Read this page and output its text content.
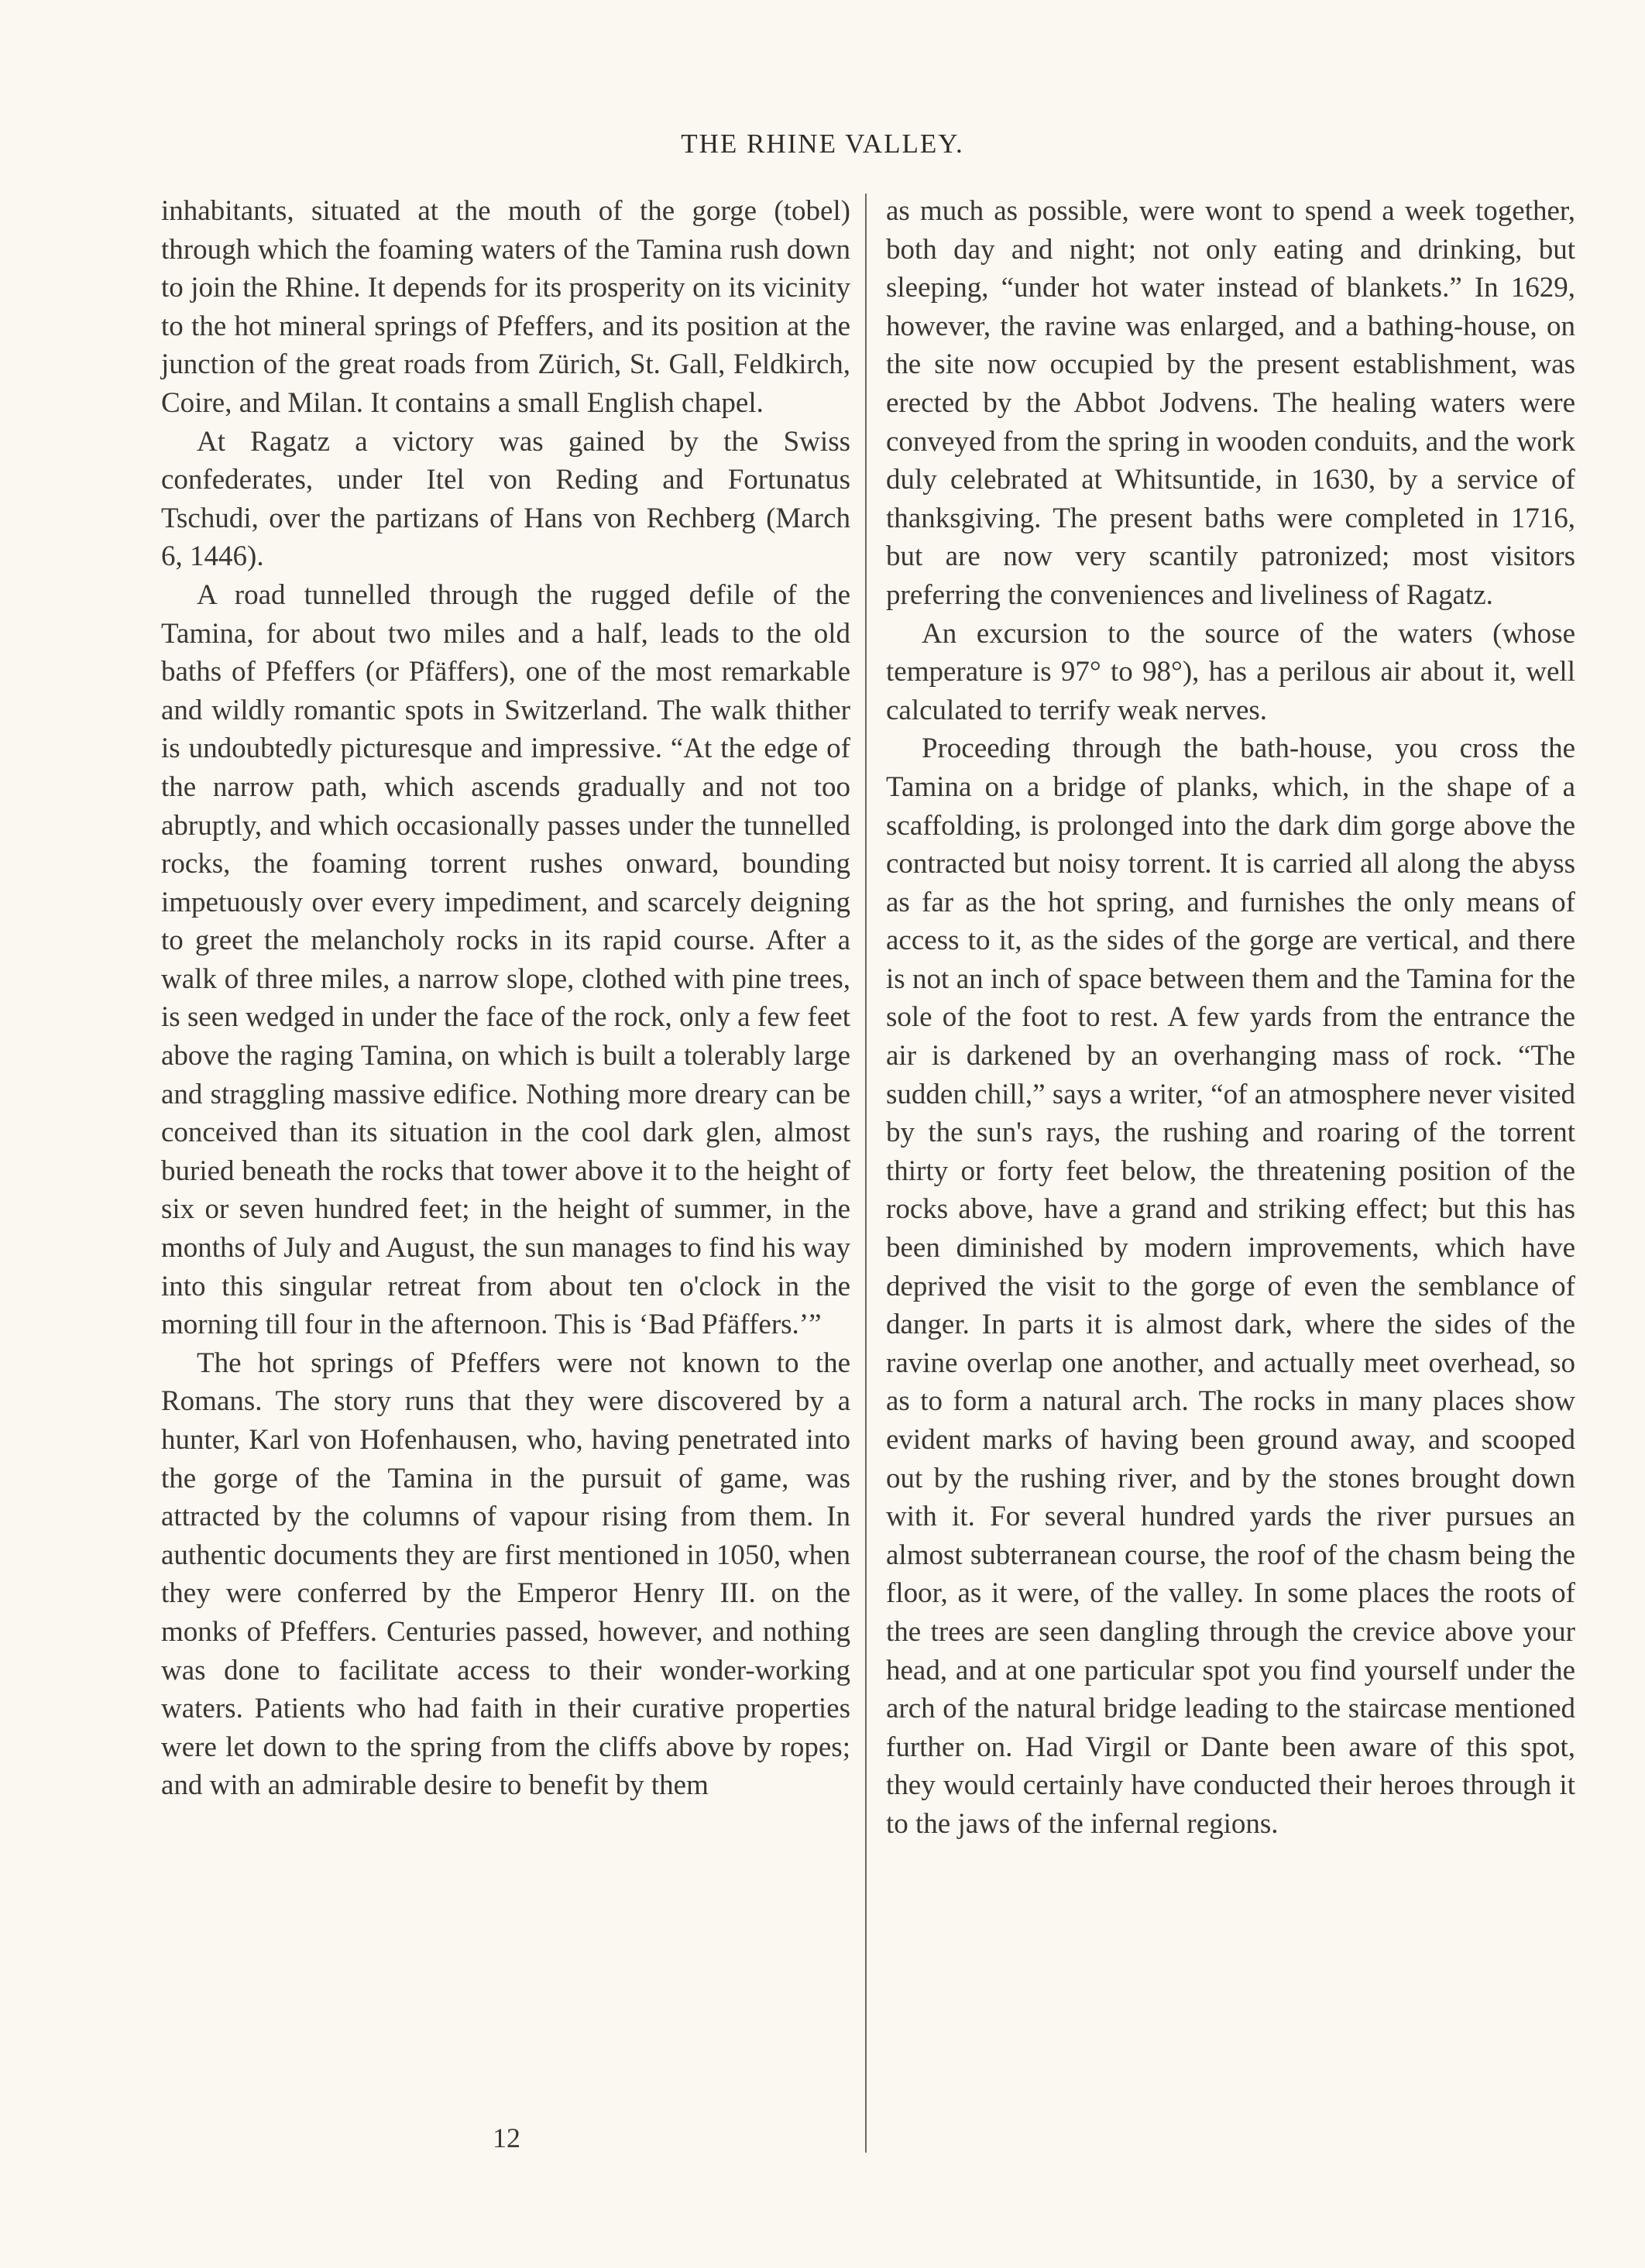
THE RHINE VALLEY.

inhabitants, situated at the mouth of the gorge (tobel) through which the foaming waters of the Tamina rush down to join the Rhine. It depends for its prosperity on its vicinity to the hot mineral springs of Pfeffers, and its position at the junction of the great roads from Zürich, St. Gall, Feldkirch, Coire, and Milan. It contains a small English chapel.

At Ragatz a victory was gained by the Swiss confederates, under Itel von Reding and Fortunatus Tschudi, over the partizans of Hans von Rechberg (March 6, 1446).

A road tunnelled through the rugged defile of the Tamina, for about two miles and a half, leads to the old baths of Pfeffers (or Pfäffers), one of the most remarkable and wildly romantic spots in Switzerland. The walk thither is undoubtedly picturesque and impressive. “At the edge of the narrow path, which ascends gradually and not too abruptly, and which occasionally passes under the tunnelled rocks, the foaming torrent rushes onward, bounding impetuously over every impediment, and scarcely deigning to greet the melancholy rocks in its rapid course. After a walk of three miles, a narrow slope, clothed with pine trees, is seen wedged in under the face of the rock, only a few feet above the raging Tamina, on which is built a tolerably large and straggling massive edifice. Nothing more dreary can be conceived than its situation in the cool dark glen, almost buried beneath the rocks that tower above it to the height of six or seven hundred feet; in the height of summer, in the months of July and August, the sun manages to find his way into this singular retreat from about ten o'clock in the morning till four in the afternoon. This is ‘Bad Pfäffers.’”

The hot springs of Pfeffers were not known to the Romans. The story runs that they were discovered by a hunter, Karl von Hofenhausen, who, having penetrated into the gorge of the Tamina in the pursuit of game, was attracted by the columns of vapour rising from them. In authentic documents they are first mentioned in 1050, when they were conferred by the Emperor Henry III. on the monks of Pfeffers. Centuries passed, however, and nothing was done to facilitate access to their wonder-working waters. Patients who had faith in their curative properties were let down to the spring from the cliffs above by ropes; and with an admirable desire to benefit by them

as much as possible, were wont to spend a week together, both day and night; not only eating and drinking, but sleeping, “under hot water instead of blankets.” In 1629, however, the ravine was enlarged, and a bathing-house, on the site now occupied by the present establishment, was erected by the Abbot Jodvens. The healing waters were conveyed from the spring in wooden conduits, and the work duly celebrated at Whitsuntide, in 1630, by a service of thanksgiving. The present baths were completed in 1716, but are now very scantily patronized; most visitors preferring the conveniences and liveliness of Ragatz.

An excursion to the source of the waters (whose temperature is 97° to 98°), has a perilous air about it, well calculated to terrify weak nerves.

Proceeding through the bath-house, you cross the Tamina on a bridge of planks, which, in the shape of a scaffolding, is prolonged into the dark dim gorge above the contracted but noisy torrent. It is carried all along the abyss as far as the hot spring, and furnishes the only means of access to it, as the sides of the gorge are vertical, and there is not an inch of space between them and the Tamina for the sole of the foot to rest. A few yards from the entrance the air is darkened by an overhanging mass of rock. “The sudden chill,” says a writer, “of an atmosphere never visited by the sun's rays, the rushing and roaring of the torrent thirty or forty feet below, the threatening position of the rocks above, have a grand and striking effect; but this has been diminished by modern improvements, which have deprived the visit to the gorge of even the semblance of danger. In parts it is almost dark, where the sides of the ravine overlap one another, and actually meet overhead, so as to form a natural arch. The rocks in many places show evident marks of having been ground away, and scooped out by the rushing river, and by the stones brought down with it. For several hundred yards the river pursues an almost subterranean course, the roof of the chasm being the floor, as it were, of the valley. In some places the roots of the trees are seen dangling through the crevice above your head, and at one particular spot you find yourself under the arch of the natural bridge leading to the staircase mentioned further on. Had Virgil or Dante been aware of this spot, they would certainly have conducted their heroes through it to the jaws of the infernal regions.

12
